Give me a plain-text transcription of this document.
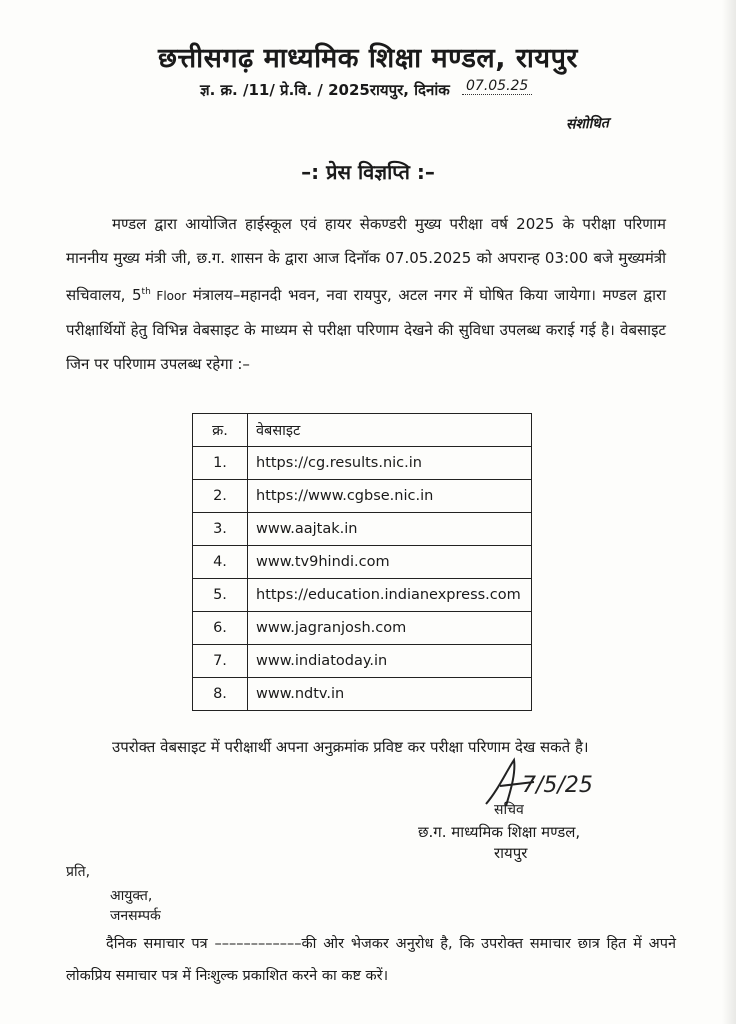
छत्तीसगढ़ माध्यमिक शिक्षा मण्डल, रायपुर
ज्ञ. क्र. /11/ प्रे.वि. / 2025रायपुर, दिनांक 07.05.25
संशोधित
–: प्रेस विज्ञप्ति :–
मण्डल द्वारा आयोजित हाईस्कूल एवं हायर सेकण्डरी मुख्य परीक्षा वर्ष 2025 के परीक्षा परिणाम माननीय मुख्य मंत्री जी, छ.ग. शासन के द्वारा आज दिनॉक 07.05.2025 को अपरान्ह 03:00 बजे मुख्यमंत्री सचिवालय, 5th Floor मंत्रालय–महानदी भवन, नवा रायपुर, अटल नगर में घोषित किया जायेगा। मण्डल द्वारा परीक्षार्थियों हेतु विभिन्न वेबसाइट के माध्यम से परीक्षा परिणाम देखने की सुविधा उपलब्ध कराई गई है। वेबसाइट जिन पर परिणाम उपलब्ध रहेगा :–
क्र.	वेबसाइट
1.	https://cg.results.nic.in
2.	https://www.cgbse.nic.in
3.	www.aajtak.in
4.	www.tv9hindi.com
5.	https://education.indianexpress.com
6.	www.jagranjosh.com
7.	www.indiatoday.in
8.	www.ndtv.in
उपरोक्त वेबसाइट में परीक्षार्थी अपना अनुक्रमांक प्रविष्ट कर परीक्षा परिणाम देख सकते है।
7/5/25
सचिव
छ.ग. माध्यमिक शिक्षा मण्डल,
रायपुर
प्रति,
आयुक्त,
जनसम्पर्क
दैनिक समाचार पत्र ––––––––––––की ओर भेजकर अनुरोध है, कि उपरोक्त समाचार छात्र हित में अपने लोकप्रिय समाचार पत्र में निःशुल्क प्रकाशित करने का कष्ट करें।
